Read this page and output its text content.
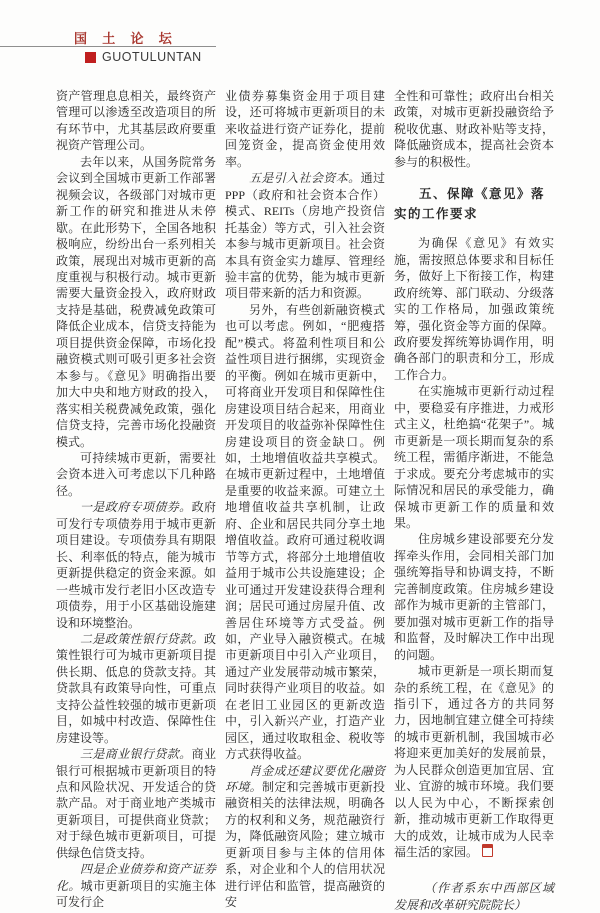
国 土 论 坛
GUOTULUNTAN

资产管理息息相关，最终资产管理可以渗透至改造项目的所有环节中，尤其基层政府要重视资产管理公司。

去年以来，从国务院常务会议到全国城市更新工作部署视频会议，各级部门对城市更新工作的研究和推进从未停歇。在此形势下，全国各地积极响应，纷纷出台一系列相关政策，展现出对城市更新的高度重视与积极行动。城市更新需要大量资金投入，政府财政支持是基础，税费减免政策可降低企业成本，信贷支持能为项目提供资金保障，市场化投融资模式则可吸引更多社会资本参与。《意见》明确指出要加大中央和地方财政的投入，落实相关税费减免政策，强化信贷支持，完善市场化投融资模式。

可持续城市更新，需要社会资本进入可考虑以下几种路径。

一是政府专项债券。政府可发行专项债券用于城市更新项目建设。专项债券具有期限长、利率低的特点，能为城市更新提供稳定的资金来源。如一些城市发行老旧小区改造专项债券，用于小区基础设施建设和环境整治。

二是政策性银行贷款。政策性银行可为城市更新项目提供长期、低息的贷款支持。其贷款具有政策导向性，可重点支持公益性较强的城市更新项目，如城中村改造、保障性住房建设等。

三是商业银行贷款。商业银行可根据城市更新项目的特点和风险状况、开发适合的贷款产品。对于商业地产类城市更新项目，可提供商业贷款；对于绿色城市更新项目，可提供绿色信贷支持。

四是企业债券和资产证券化。城市更新项目的实施主体可发行企

业债券募集资金用于项目建设，还可将城市更新项目的未来收益进行资产证券化，提前回笼资金，提高资金使用效率。

五是引入社会资本。通过 PPP（政府和社会资本合作）模式、REITs（房地产投资信托基金）等方式，引入社会资本参与城市更新项目。社会资本具有资金实力雄厚、管理经验丰富的优势，能为城市更新项目带来新的活力和资源。

另外，有些创新融资模式也可以考虑。例如，“肥瘦搭配”模式。将盈利性项目和公益性项目进行捆绑，实现资金的平衡。例如在城市更新中，可将商业开发项目和保障性住房建设项目结合起来，用商业开发项目的收益弥补保障性住房建设项目的资金缺口。例如，土地增值收益共享模式。在城市更新过程中，土地增值是重要的收益来源。可建立土地增值收益共享机制，让政府、企业和居民共同分享土地增值收益。政府可通过税收调节等方式，将部分土地增值收益用于城市公共设施建设；企业可通过开发建设获得合理利润；居民可通过房屋升值、改善居住环境等方式受益。例如，产业导入融资模式。在城市更新项目中引入产业项目，通过产业发展带动城市繁荣，同时获得产业项目的收益。如在老旧工业园区的更新改造中，引入新兴产业，打造产业园区，通过收取租金、税收等方式获得收益。

肖金成还建议要优化融资环境。制定和完善城市更新投融资相关的法律法规，明确各方的权利和义务，规范融资行为，降低融资风险；建立城市更新项目参与主体的信用体系，对企业和个人的信用状况进行评估和监管，提高融资的安

全性和可靠性；政府出台相关政策，对城市更新投融资给予税收优惠、财政补贴等支持，降低融资成本，提高社会资本参与的积极性。

五、保障《意见》落实的工作要求

为确保《意见》有效实施，需按照总体要求和目标任务，做好上下衔接工作，构建政府统筹、部门联动、分级落实的工作格局，加强政策统筹，强化资金等方面的保障。政府要发挥统筹协调作用，明确各部门的职责和分工，形成工作合力。

在实施城市更新行动过程中，要稳妥有序推进，力戒形式主义，杜绝搞“花架子”。城市更新是一项长期而复杂的系统工程，需循序渐进，不能急于求成。要充分考虑城市的实际情况和居民的承受能力，确保城市更新工作的质量和效果。

住房城乡建设部要充分发挥牵头作用，会同相关部门加强统筹指导和协调支持，不断完善制度政策。住房城乡建设部作为城市更新的主管部门，要加强对城市更新工作的指导和监督，及时解决工作中出现的问题。

城市更新是一项长期而复杂的系统工程，在《意见》的指引下，通过各方的共同努力，因地制宜建立健全可持续的城市更新机制，我国城市必将迎来更加美好的发展前景，为人民群众创造更加宜居、宜业、宜游的城市环境。我们要以人民为中心，不断探索创新，推动城市更新工作取得更大的成效，让城市成为人民幸福生活的家园。

（作者系东中西部区域发展和改革研究院院长）
